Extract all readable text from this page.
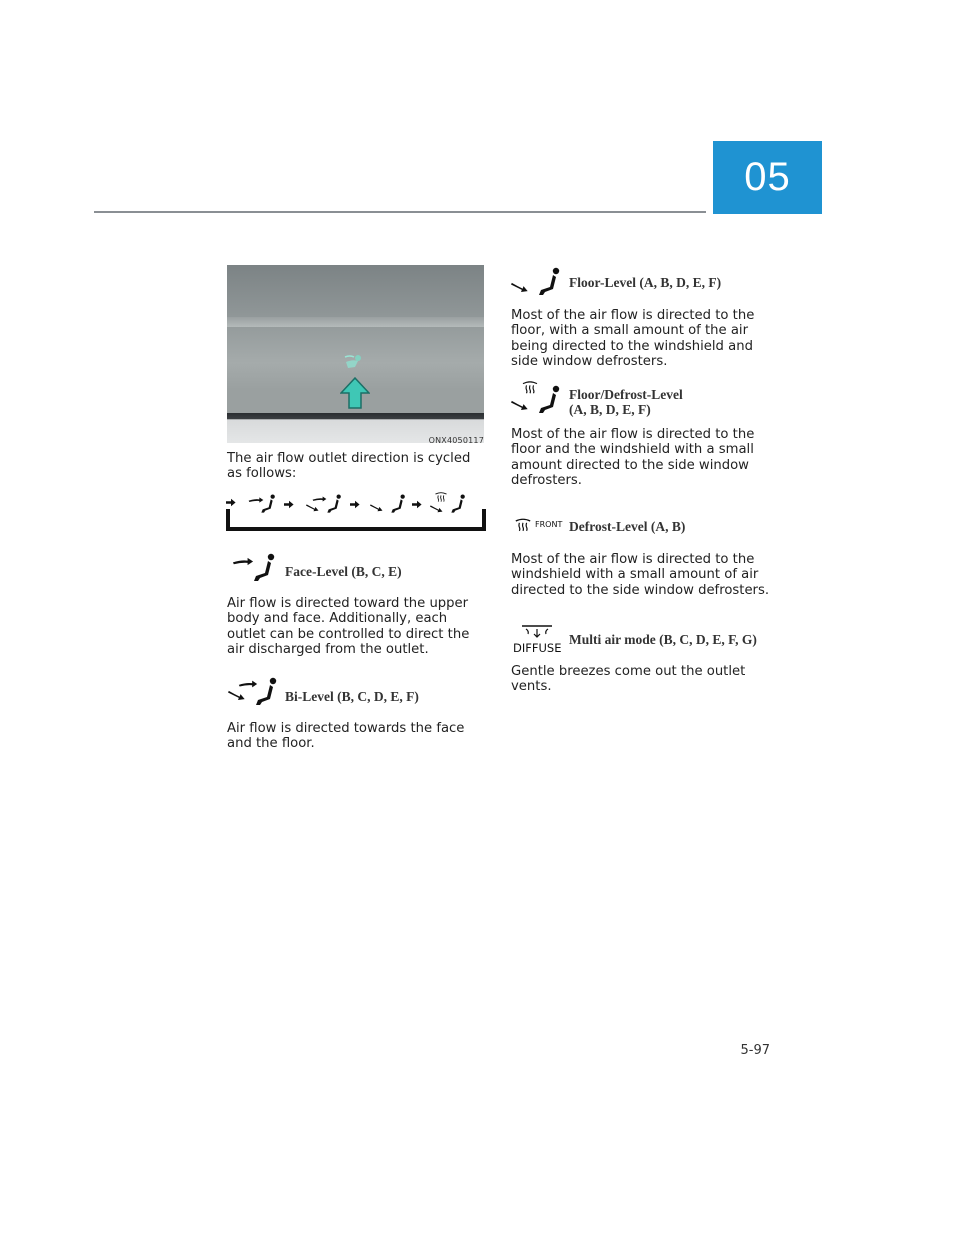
05
ONX4050117

The air flow outlet direction is cycled as follows:

Face-Level (B, C, E)

Air flow is directed toward the upper body and face. Additionally, each outlet can be controlled to direct the air discharged from the outlet.

Bi-Level (B, C, D, E, F)

Air flow is directed towards the face and the floor.

Floor-Level (A, B, D, E, F)

Most of the air flow is directed to the floor, with a small amount of the air being directed to the windshield and side window defrosters.

Floor/Defrost-Level
(A, B, D, E, F)

Most of the air flow is directed to the floor and the windshield with a small amount directed to the side window defrosters.

FRONT Defrost-Level (A, B)

Most of the air flow is directed to the windshield with a small amount of air directed to the side window defrosters.

DIFFUSE
Multi air mode (B, C, D, E, F, G)

Gentle breezes come out the outlet vents.

5-97
